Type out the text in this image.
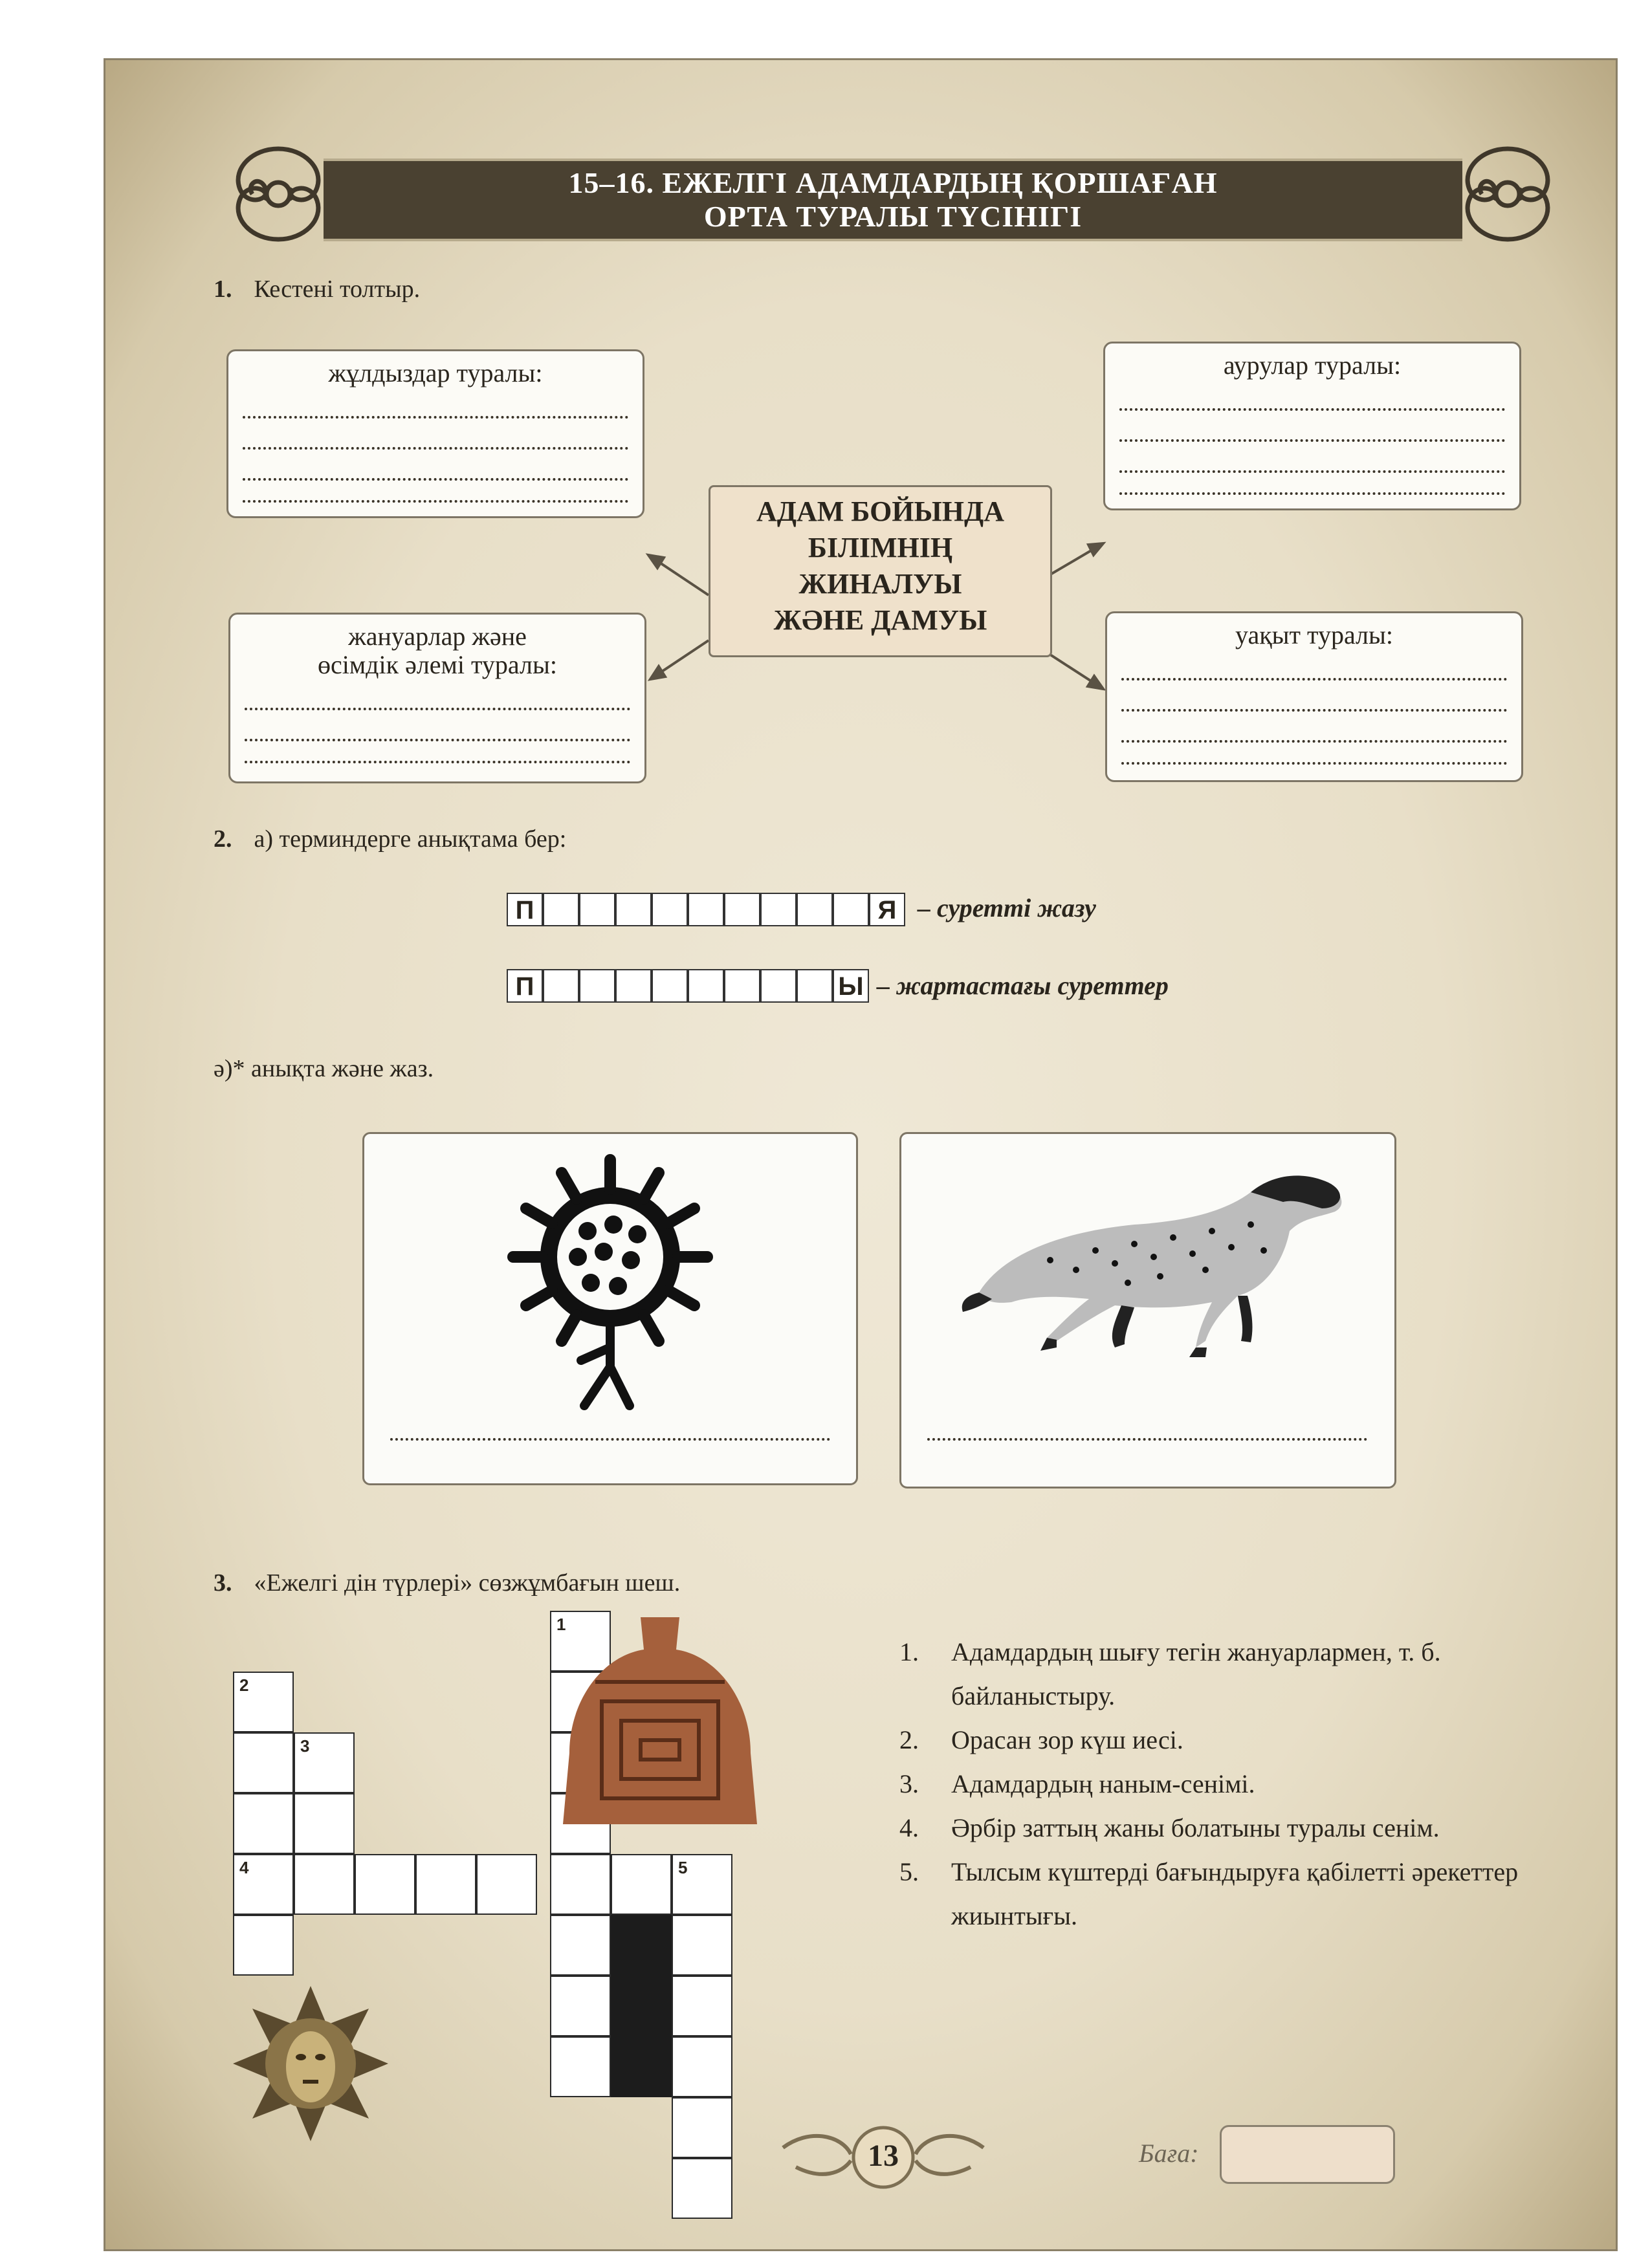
15–16. ЕЖЕЛГІ АДАМДАРДЫҢ ҚОРШАҒАН
ОРТА ТУРАЛЫ ТҮСІНІГІ
1. Кестені толтыр.
жұлдыздар туралы:	аурулар туралы:
АДАМ БОЙЫНДА
БІЛІМНІҢ
ЖИНАЛУЫ
ЖӘНЕ ДАМУЫ
жануарлар және
өсімдік әлемі туралы:
уақыт туралы:
2. а) терминдерге анықтама бер:
П	Я – суретті жазу
П	Ы – жартастағы суреттер
ә)* анықта және жаз.
3. «Ежелгі дін түрлері» сөзжұмбағын шеш.
1
2
3
4	5
1.	Адамдардың шығу тегін жануарлармен, т. б. байланыстыру.
2.	Орасан зор күш иесі.
3.	Адамдардың наным-сенімі.
4.	Әрбір заттың жаны болатыны туралы сенім.
5.	Тылсым күштерді бағындыруға қабілетті әрекеттер жиынтығы.
13	Баға:
